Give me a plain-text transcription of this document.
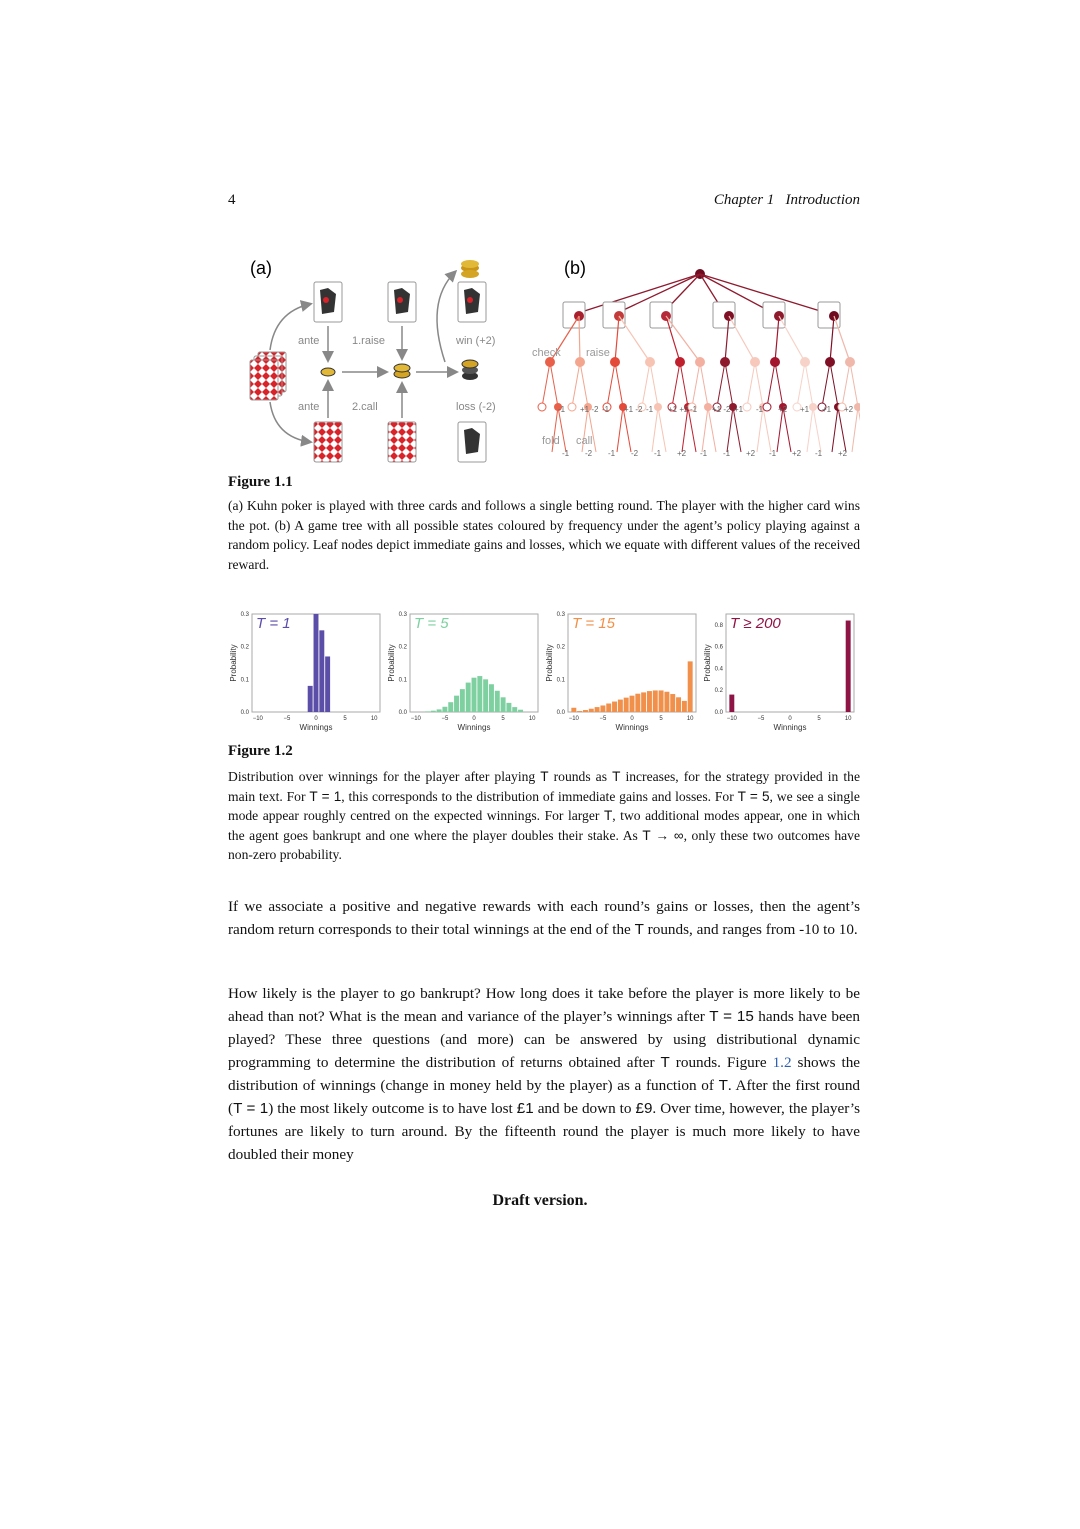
4	Chapter 1   Introduction
(a)
ante	1.raise	win (+2)
ante	2.call	loss (-2)
(b)
check raise
fold call
-1 +1 -2 -1 +1 -2 -1 +1 +2 -1 +1 -2 +1 -1 +2 +1 +1 +2
-1 -2 -1 -2 -1 +2 -1 -1 +2 -1 +2 -1 +2
Figure 1.1
(a) Kuhn poker is played with three cards and follows a single betting round. The player with the higher card wins the pot. (b) A game tree with all possible states coloured by frequency under the agent’s policy playing against a random policy. Leaf nodes depict immediate gains and losses, which we equate with different values of the received reward.
T = 1
−10	−5	0	5	10
0.0
0.1
0.2
0.3
Winnings
Probability
T = 5
−10	−5	0	5	10
0.0
0.1
0.2
0.3
Winnings
Probability
T = 15
−10	−5	0	5	10
0.0
0.1
0.2
0.3
Winnings
Probability
T ≥ 200
−10	−5	0	5	10
0.0
0.2
0.4
0.6
0.8
Winnings
Probability
Figure 1.2
Distribution over winnings for the player after playing T rounds as T increases, for the strategy provided in the main text. For T = 1, this corresponds to the distribution of immediate gains and losses. For T = 5, we see a single mode appear roughly centred on the expected winnings. For larger T, two additional modes appear, one in which the agent goes bankrupt and one where the player doubles their stake. As T → ∞, only these two outcomes have non-zero probability.
If we associate a positive and negative rewards with each round’s gains or losses, then the agent’s random return corresponds to their total winnings at the end of the T rounds, and ranges from -10 to 10.
How likely is the player to go bankrupt? How long does it take before the player is more likely to be ahead than not? What is the mean and variance of the player’s winnings after T = 15 hands have been played? These three questions (and more) can be answered by using distributional dynamic programming to determine the distribution of returns obtained after T rounds. Figure 1.2 shows the distribution of winnings (change in money held by the player) as a function of T. After the first round (T = 1) the most likely outcome is to have lost £1 and be down to £9. Over time, however, the player’s fortunes are likely to turn around. By the fifteenth round the player is much more likely to have doubled their money
Draft version.
